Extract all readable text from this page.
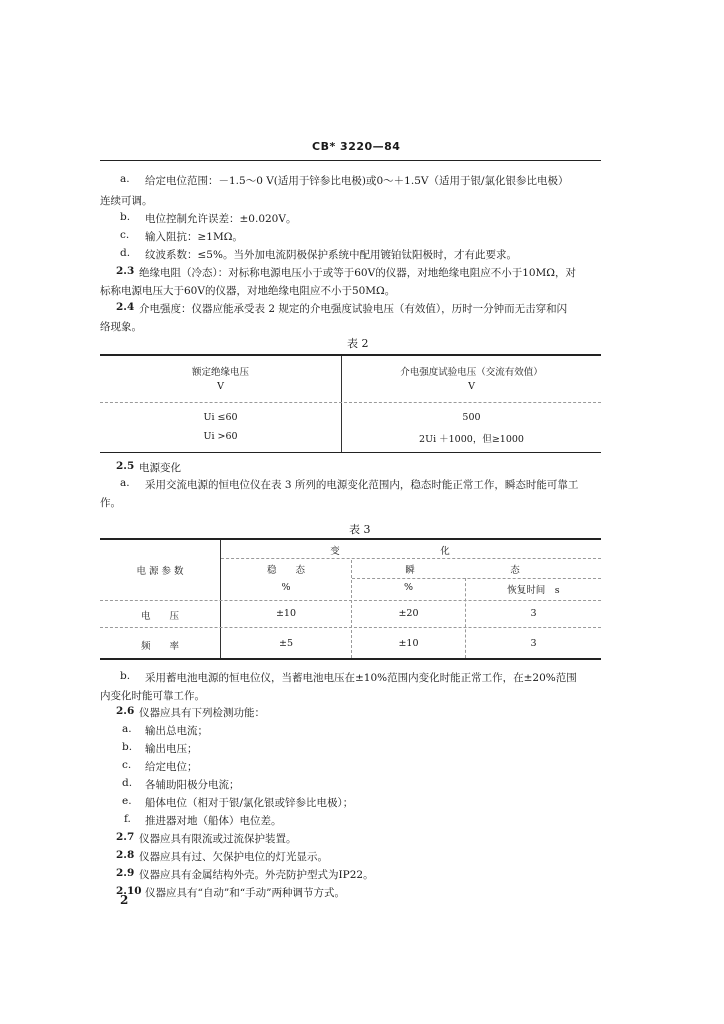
CB* 3220—84
a. 给定电位范围：－1.5～0 V(适用于锌参比电极)或0～＋1.5V（适用于银/氯化银参比电极）
连续可调。
b. 电位控制允许误差：±0.020V。
c. 输入阻抗：≥1MΩ。
d. 纹波系数：≤5%。当外加电流阴极保护系统中配用镀铂钛阳极时，才有此要求。
2.3 绝缘电阻（冷态）：对标称电源电压小于或等于60V的仪器，对地绝缘电阻应不小于10MΩ，对
标称电源电压大于60V的仪器，对地绝缘电阻应不小于50MΩ。
2.4 介电强度：仪器应能承受表 2 规定的介电强度试验电压（有效值），历时一分钟而无击穿和闪
络现象。
表 2
额定绝缘电压	介电强度试验电压（交流有效值）
V	V
Ui ≤60	500
Ui >60	2Ui ＋1000，但≥1000
2.5 电源变化
a. 采用交流电源的恒电位仪在表 3 所列的电源变化范围内，稳态时能正常工作，瞬态时能可靠工
作。
表 3
电 源 参 数
变	化
稳　　态	瞬	态
%	%	恢复时间　s
电　　压	±10	±20	3
频　　率	±5	±10	3
b. 采用蓄电池电源的恒电位仪，当蓄电池电压在±10%范围内变化时能正常工作，在±20%范围
内变化时能可靠工作。
2.6 仪器应具有下列检测功能：
a. 输出总电流；
b. 输出电压；
c. 给定电位；
d. 各辅助阳极分电流；
e. 船体电位（相对于银/氯化银或锌参比电极）；
f. 推进器对地（船体）电位差。
2.7 仪器应具有限流或过流保护装置。
2.8 仪器应具有过、欠保护电位的灯光显示。
2.9 仪器应具有金属结构外壳。外壳防护型式为IP22。
2.10 仪器应具有“自动”和“手动”两种调节方式。
2
